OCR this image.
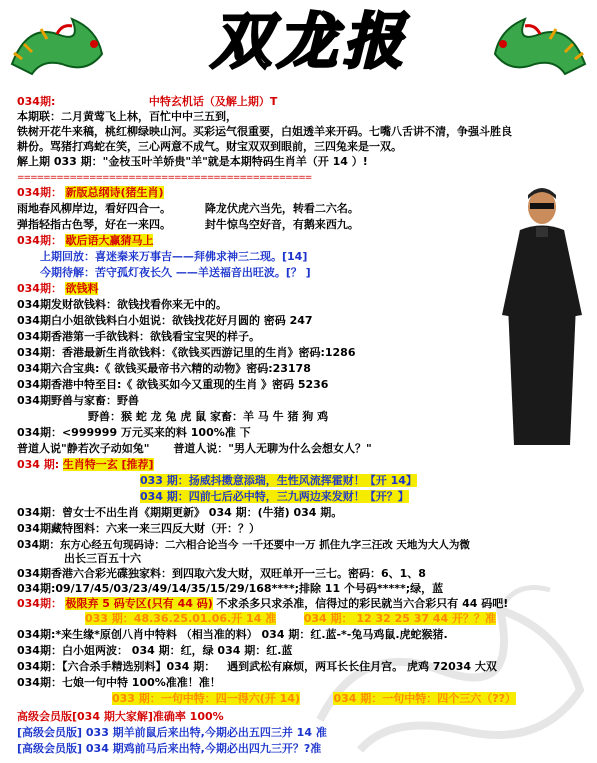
双龙报
034期:	中特玄机话（及解上期）T
本期联：二月黄莺飞上林，百忙中中三五到，
铁树开花牛来稿，桃红柳绿映山河。买彩运气很重要，白姐透羊来开码。七嘴八舌讲不清，争强斗胜良
耕份。骂猪打鸡蛇在笑，三心两意不成气。财宝双双到眼前，三四兔来是一双。
解上期 033 期："金枝玉叶羊娇贵"羊"就是本期特码生肖羊（开 14 ）!
=============================================
034期： 新版总纲诗(猪生肖)
雨地春风柳岸边，看好四合一。	降龙伏虎六当先，转看二六名。
弹指轻指古色琴，好在一来四。	封牛惊鸟空好音，有鹅来西九。
034期： 歇后语大赢猜马上
上期回放：喜迷秦来万事吉——拜佛求神三二现。[14]
今期待解：苦守孤灯夜长久 ——羊送福音出旺波。[？ ]
034期： 欲钱料
034期发财欲钱料：欲钱找看你来无中的。
034期白小姐欲钱料白小姐说：欲钱找花好月圆的 密码 247
034期香港第一手欲钱料：欲钱看宝宝哭的样子。
034期：香港最新生肖欲钱料：《欲钱买西游记里的生肖》密码:1286
034期六合宝典:《 欲钱买最帝书六精的动物》密码:23178
034期香港中特至目:《 欲钱买如今又重现的生肖 》密码 5236
034期野兽与家畜：野兽
野兽：猴 蛇 龙 兔 虎 鼠 家畜：羊 马 牛 猪 狗 鸡
034期：<999999 万元买来的料 100%准 下
普道人说"静若次子动如兔" 普道人说："男人无聊为什么会想女人？"
034 期: 生肖特一玄 [推荐]
033 期：扬威抖擞意添瑞，生性风流挥霍财！【开 14】
034 期：四前七后必中特，三九两边来发财！【开？】
034期：曾女士不出生肖《期期更新》 034 期：(牛猪) 034 期。
034期藏特图料：六来一来三四反大财（开：？）
034期：东方心经五句现码诗：二六相合论当今 一千还要中一万 抓住九字三汪改 天地为大人为微
出长三百五十六
034期香港六合彩光碟独家料：到四取六发大财，双旺单开一三七。密码：6、1、8
034期:09/17/45/03/23/49/14/35/15/29/168****;排除 11 个号码*****;绿，蓝
034期： 极限弃 5 码专区(只有 44 码) 不求杀多只求杀准，信得过的彩民就当六合彩只有 44 码吧!
033 期：48.36.25.01.06.开 14 准	034 期： 12 32 25 37 44 开？？准
034期:*来生缘*原创八肖中特料 （相当准的料） 034 期：红.蓝-*-兔马鸡鼠.虎蛇猴猪.
034期：白小姐两波： 034 期：红，绿 034 期：红.蓝
034期：【六合杀手精选别料】034 期： 遇到武松有麻烦，两耳长长住月宫。 虎鸡 72034 大双
034期：七娘一句中特 100%准准！准！
033 期：一句中特：四一得六(开 14)	034 期：一句中特：四个三六（??）
高级会员版[034 期大家解]准确率 100%
[高级会员版] 033 期羊前鼠后来出特,今期必出五四三并 14 准
[高级会员版] 034 期鸡前马后来出特,今期必出四九三开？?准
